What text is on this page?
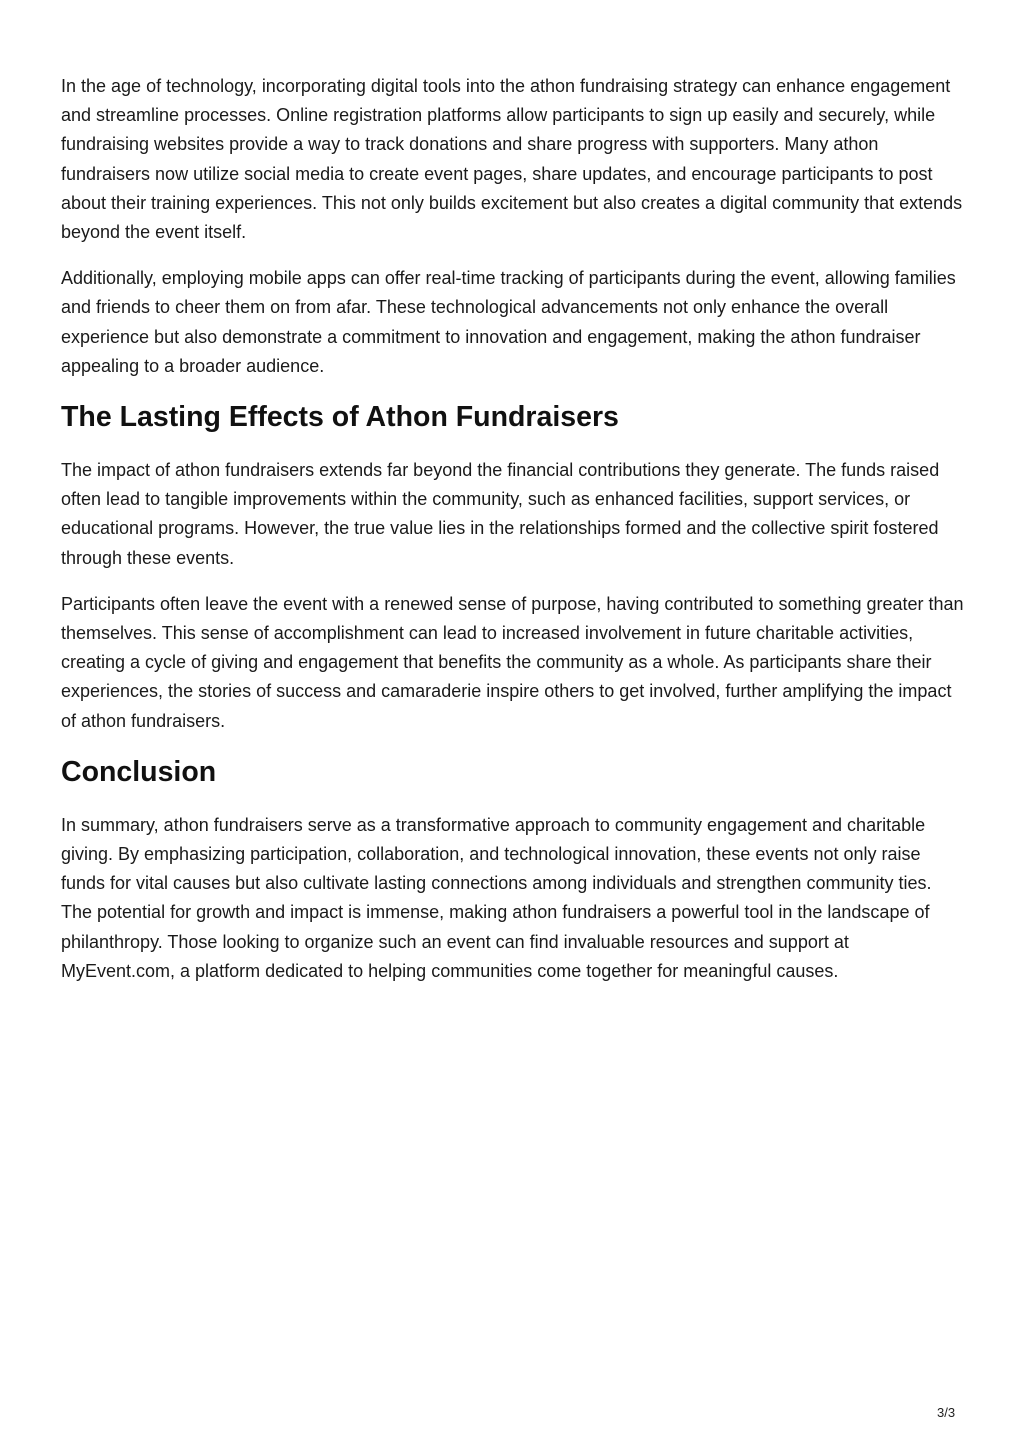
In the age of technology, incorporating digital tools into the athon fundraising strategy can enhance engagement and streamline processes. Online registration platforms allow participants to sign up easily and securely, while fundraising websites provide a way to track donations and share progress with supporters. Many athon fundraisers now utilize social media to create event pages, share updates, and encourage participants to post about their training experiences. This not only builds excitement but also creates a digital community that extends beyond the event itself.

Additionally, employing mobile apps can offer real-time tracking of participants during the event, allowing families and friends to cheer them on from afar. These technological advancements not only enhance the overall experience but also demonstrate a commitment to innovation and engagement, making the athon fundraiser appealing to a broader audience.

The Lasting Effects of Athon Fundraisers

The impact of athon fundraisers extends far beyond the financial contributions they generate. The funds raised often lead to tangible improvements within the community, such as enhanced facilities, support services, or educational programs. However, the true value lies in the relationships formed and the collective spirit fostered through these events.

Participants often leave the event with a renewed sense of purpose, having contributed to something greater than themselves. This sense of accomplishment can lead to increased involvement in future charitable activities, creating a cycle of giving and engagement that benefits the community as a whole. As participants share their experiences, the stories of success and camaraderie inspire others to get involved, further amplifying the impact of athon fundraisers.

Conclusion

In summary, athon fundraisers serve as a transformative approach to community engagement and charitable giving. By emphasizing participation, collaboration, and technological innovation, these events not only raise funds for vital causes but also cultivate lasting connections among individuals and strengthen community ties. The potential for growth and impact is immense, making athon fundraisers a powerful tool in the landscape of philanthropy. Those looking to organize such an event can find invaluable resources and support at MyEvent.com, a platform dedicated to helping communities come together for meaningful causes.

3/3
